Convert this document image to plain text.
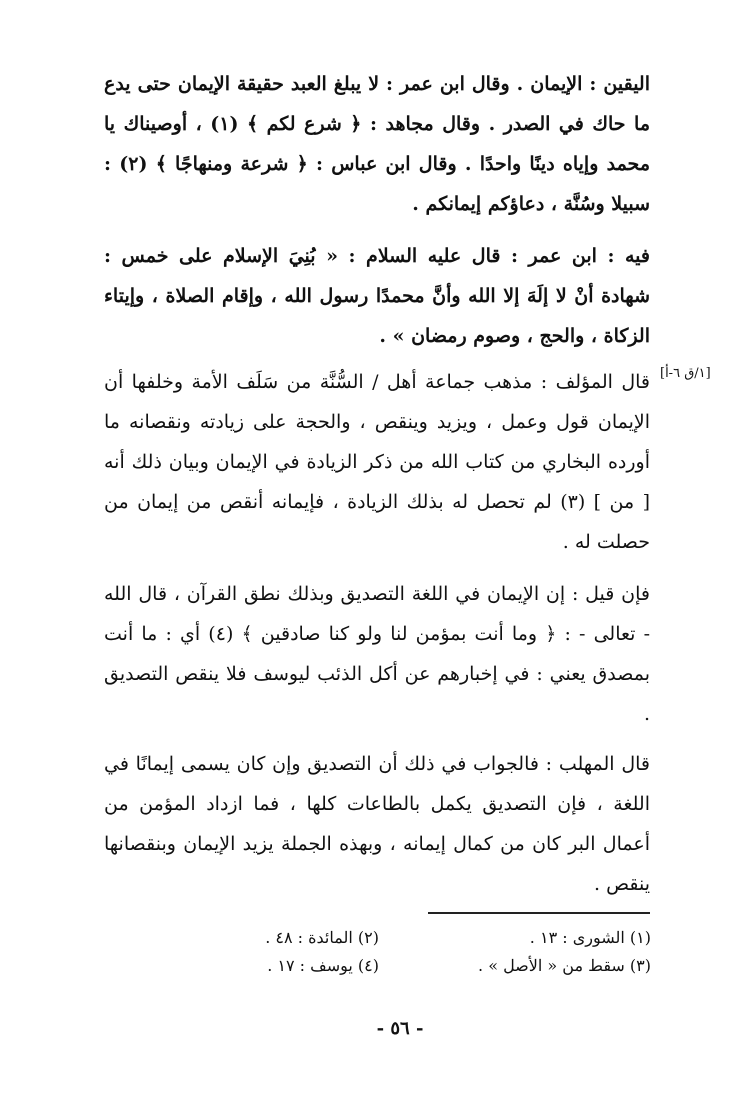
[١/ق ٦-أ]

اليقين : الإيمان . وقال ابن عمر : لا يبلغ العبد حقيقة الإيمان حتى يدع ما حاك في الصدر . وقال مجاهد : ﴿ شرع لكم ﴾ (١) ، أوصيناك يا محمد وإياه دينًا واحدًا . وقال ابن عباس : ﴿ شرعة ومنهاجًا ﴾ (٢) : سبيلا وسُنَّة ، دعاؤكم إيمانكم .

فيه : ابن عمر : قال عليه السلام : « بُنِيَ الإسلام على خمس : شهادة أنْ لا إلَهَ إلا الله وأنَّ محمدًا رسول الله ، وإقام الصلاة ، وإيتاء الزكاة ، والحج ، وصوم رمضان » .

قال المؤلف : مذهب جماعة أهل / السُّنَّة من سَلَف الأمة وخلفها أن الإيمان قول وعمل ، ويزيد وينقص ، والحجة على زيادته ونقصانه ما أورده البخاري من كتاب الله من ذكر الزيادة في الإيمان وبيان ذلك أنه [ من ] (٣) لم تحصل له بذلك الزيادة ، فإيمانه أنقص من إيمان من حصلت له .

فإن قيل : إن الإيمان في اللغة التصديق وبذلك نطق القرآن ، قال الله - تعالى - : ﴿ وما أنت بمؤمن لنا ولو كنا صادقين ﴾ (٤) أي : ما أنت بمصدق يعني : في إخبارهم عن أكل الذئب ليوسف فلا ينقص التصديق .

قال المهلب : فالجواب في ذلك أن التصديق وإن كان يسمى إيمانًا في اللغة ، فإن التصديق يكمل بالطاعات كلها ، فما ازداد المؤمن من أعمال البر كان من كمال إيمانه ، وبهذه الجملة يزيد الإيمان وبنقصانها ينقص .

(١) الشورى : ١٣ .
(٢) المائدة : ٤٨ .
(٣) سقط من « الأصل » .
(٤) يوسف : ١٧ .
- ٥٦ -
